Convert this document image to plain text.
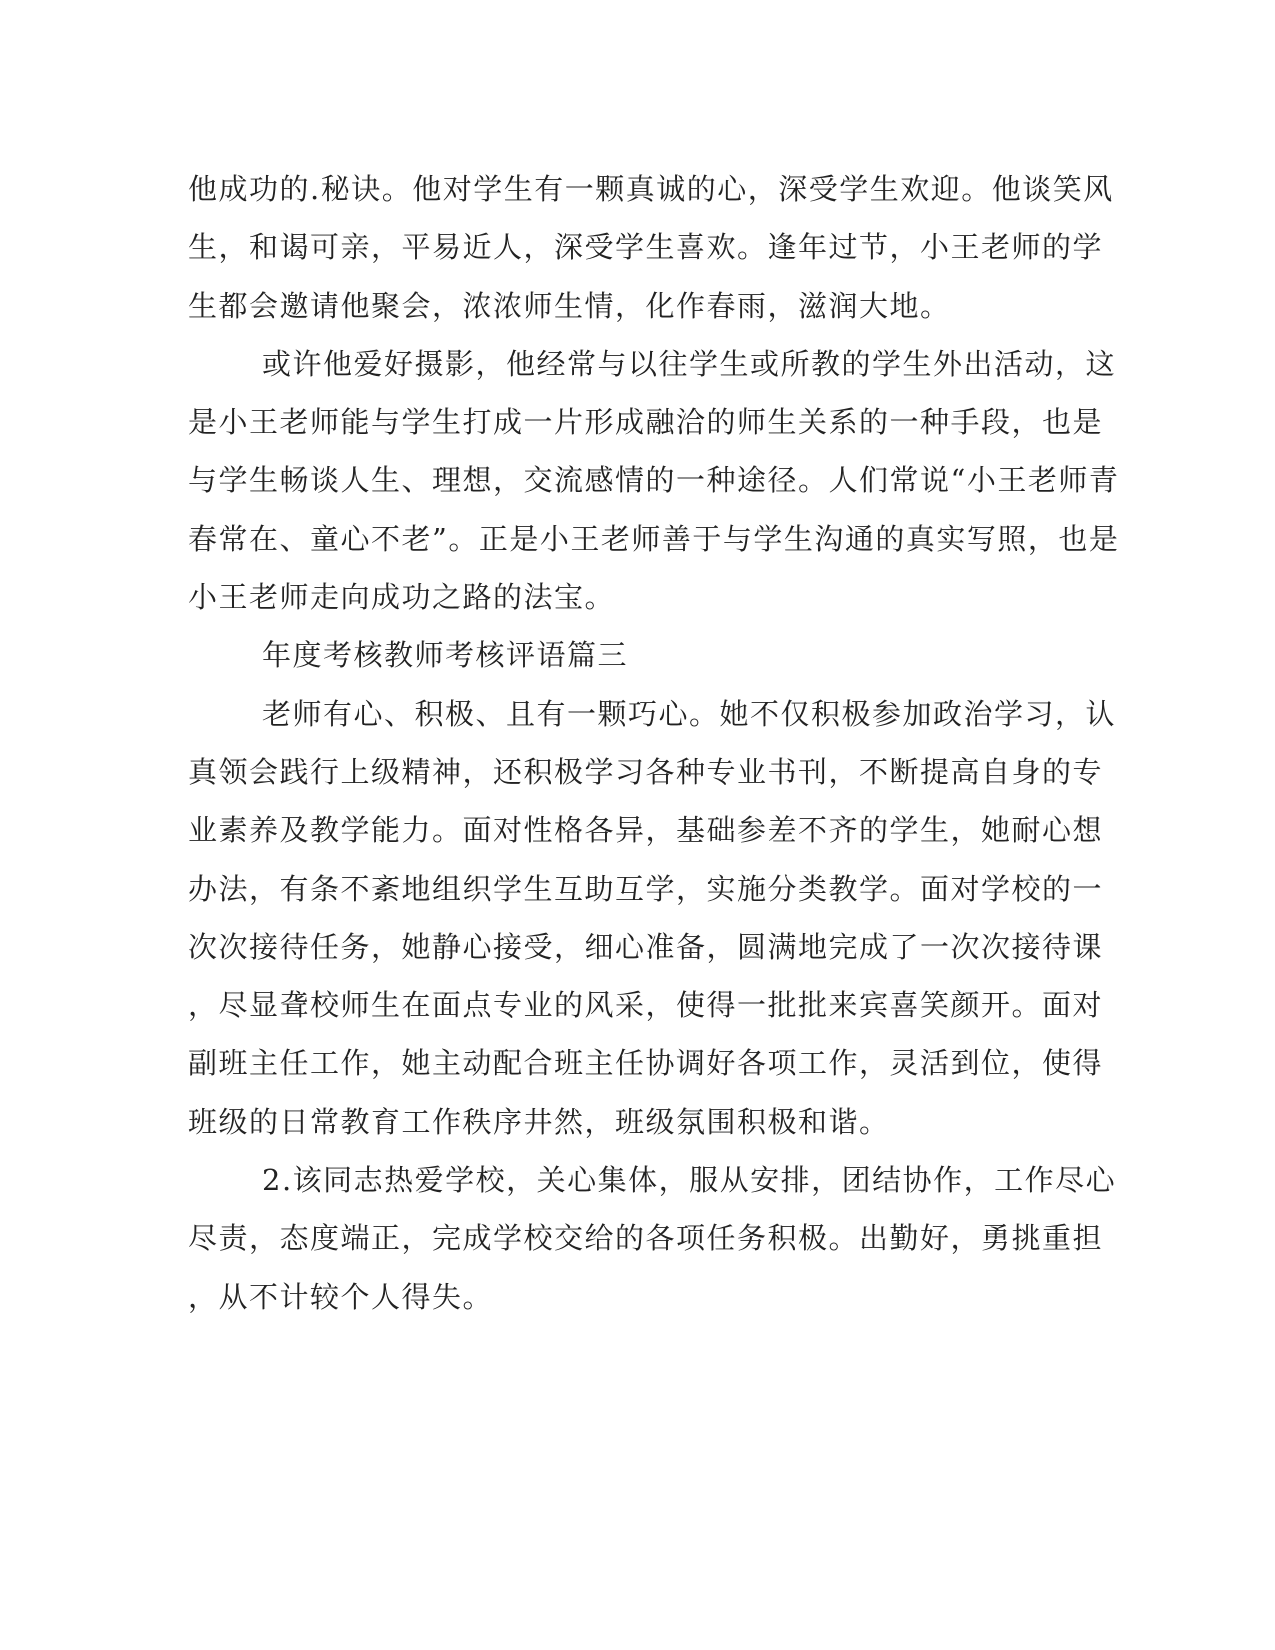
他成功的.秘诀。他对学生有一颗真诚的心，深受学生欢迎。他谈笑风
生，和谒可亲，平易近人，深受学生喜欢。逢年过节，小王老师的学
生都会邀请他聚会，浓浓师生情，化作春雨，滋润大地。
或许他爱好摄影，他经常与以往学生或所教的学生外出活动，这
是小王老师能与学生打成一片形成融洽的师生关系的一种手段，也是
与学生畅谈人生、理想，交流感情的一种途径。人们常说“小王老师青
春常在、童心不老”。正是小王老师善于与学生沟通的真实写照，也是
小王老师走向成功之路的法宝。
年度考核教师考核评语篇三
老师有心、积极、且有一颗巧心。她不仅积极参加政治学习，认
真领会践行上级精神，还积极学习各种专业书刊，不断提高自身的专
业素养及教学能力。面对性格各异，基础参差不齐的学生，她耐心想
办法，有条不紊地组织学生互助互学，实施分类教学。面对学校的一
次次接待任务，她静心接受，细心准备，圆满地完成了一次次接待课
，尽显聋校师生在面点专业的风采，使得一批批来宾喜笑颜开。面对
副班主任工作，她主动配合班主任协调好各项工作，灵活到位，使得
班级的日常教育工作秩序井然，班级氛围积极和谐。
2.该同志热爱学校，关心集体，服从安排，团结协作，工作尽心
尽责，态度端正，完成学校交给的各项任务积极。出勤好，勇挑重担
，从不计较个人得失。
